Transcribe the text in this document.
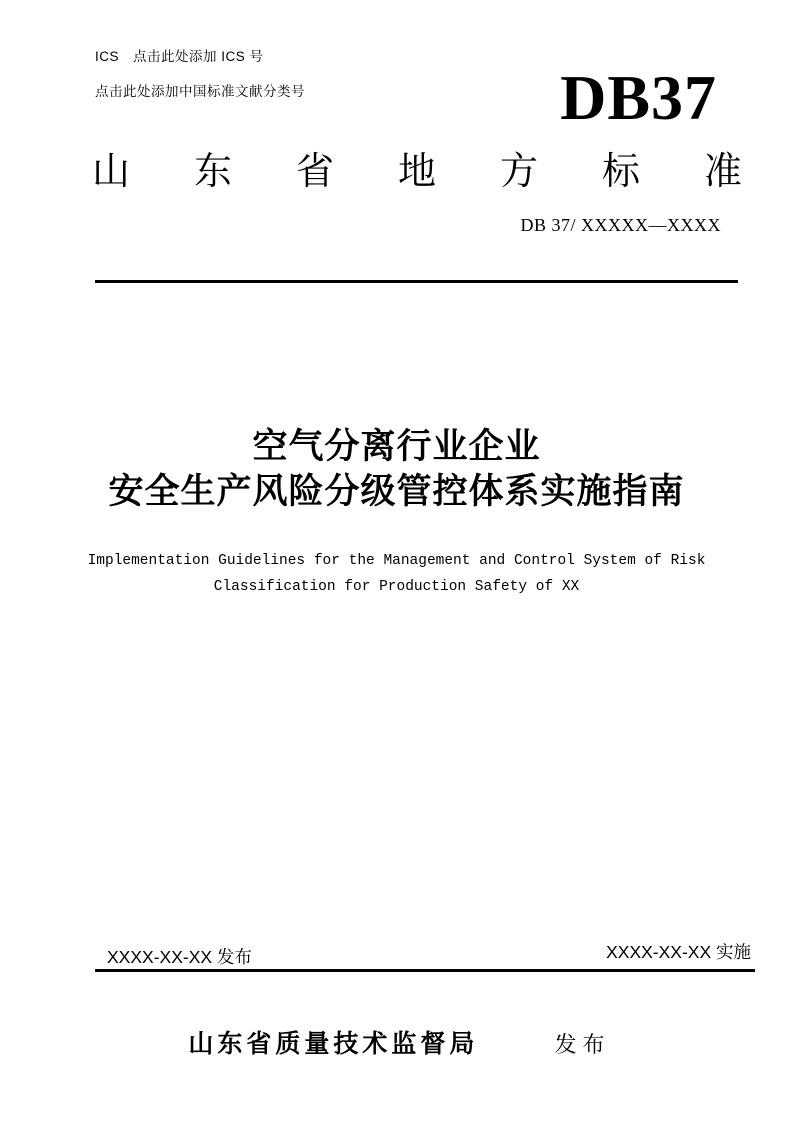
ICS　点击此处添加 ICS 号
点击此处添加中国标准文献分类号	DB37
山东省地方标准
DB 37/ XXXXX—XXXX
空气分离行业企业
安全生产风险分级管控体系实施指南
Implementation Guidelines for the Management and Control System of Risk
Classification for Production Safety of XX
XXXX-XX-XX 发布	XXXX-XX-XX 实施
山东省质量技术监督局	发 布
